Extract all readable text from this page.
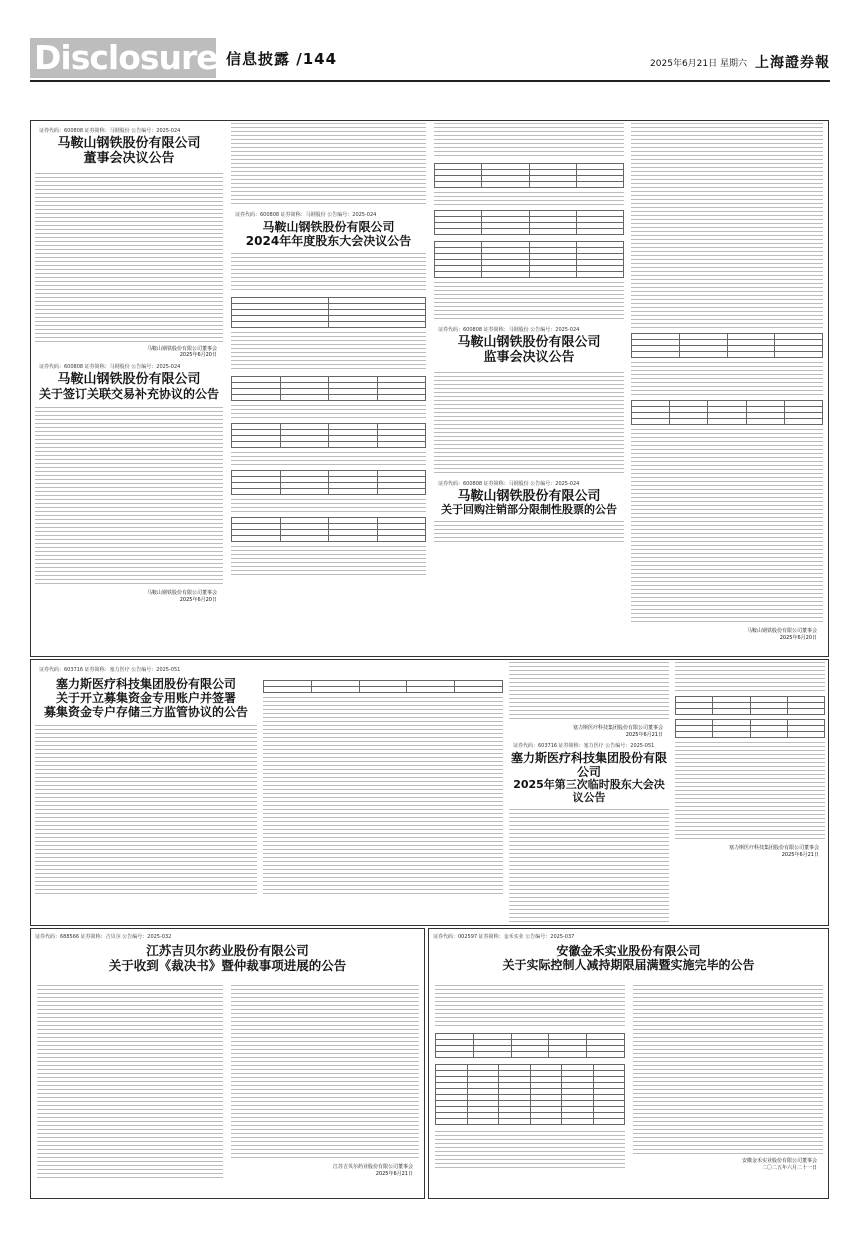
Disclosure 信息披露 /144	2025年6月21日 星期六 上海證券報
证券代码：600808 证券简称：马钢股份 公告编号：2025-024
马鞍山钢铁股份有限公司
董事会决议公告
马鞍山钢铁股份有限公司董事会
2025年6月20日
证券代码：600808 证券简称：马钢股份 公告编号：2025-024
马鞍山钢铁股份有限公司
关于签订关联交易补充协议的公告
马鞍山钢铁股份有限公司董事会
2025年6月20日
证券代码：600808 证券简称：马钢股份 公告编号：2025-024
马鞍山钢铁股份有限公司
2024年年度股东大会决议公告

证券代码：600808 证券简称：马钢股份 公告编号：2025-024
马鞍山钢铁股份有限公司
监事会决议公告
证券代码：600808 证券简称：马钢股份 公告编号：2025-024
马鞍山钢铁股份有限公司
关于回购注销部分限制性股票的公告

马鞍山钢铁股份有限公司董事会
2025年6月20日
证券代码：603716 证券简称：塞力医疗 公告编号：2025-051
塞力斯医疗科技集团股份有限公司
关于开立募集资金专用账户并签署
募集资金专户存储三方监管协议的公告

塞力斯医疗科技集团股份有限公司董事会
2025年6月21日
证券代码：603716 证券简称：塞力医疗 公告编号：2025-051
塞力斯医疗科技集团股份有限公司
2025年第三次临时股东大会决议公告

塞力斯医疗科技集团股份有限公司董事会
2025年6月21日
证券代码：688566 证券简称：吉贝尔 公告编号：2025-032
江苏吉贝尔药业股份有限公司
关于收到《裁决书》暨仲裁事项进展的公告
江苏吉贝尔药业股份有限公司董事会
2025年6月21日
证券代码：002597 证券简称：金禾实业 公告编号：2025-037
安徽金禾实业股份有限公司
关于实际控制人减持期限届满暨实施完毕的公告

安徽金禾实业股份有限公司董事会
二〇二五年六月二十一日
